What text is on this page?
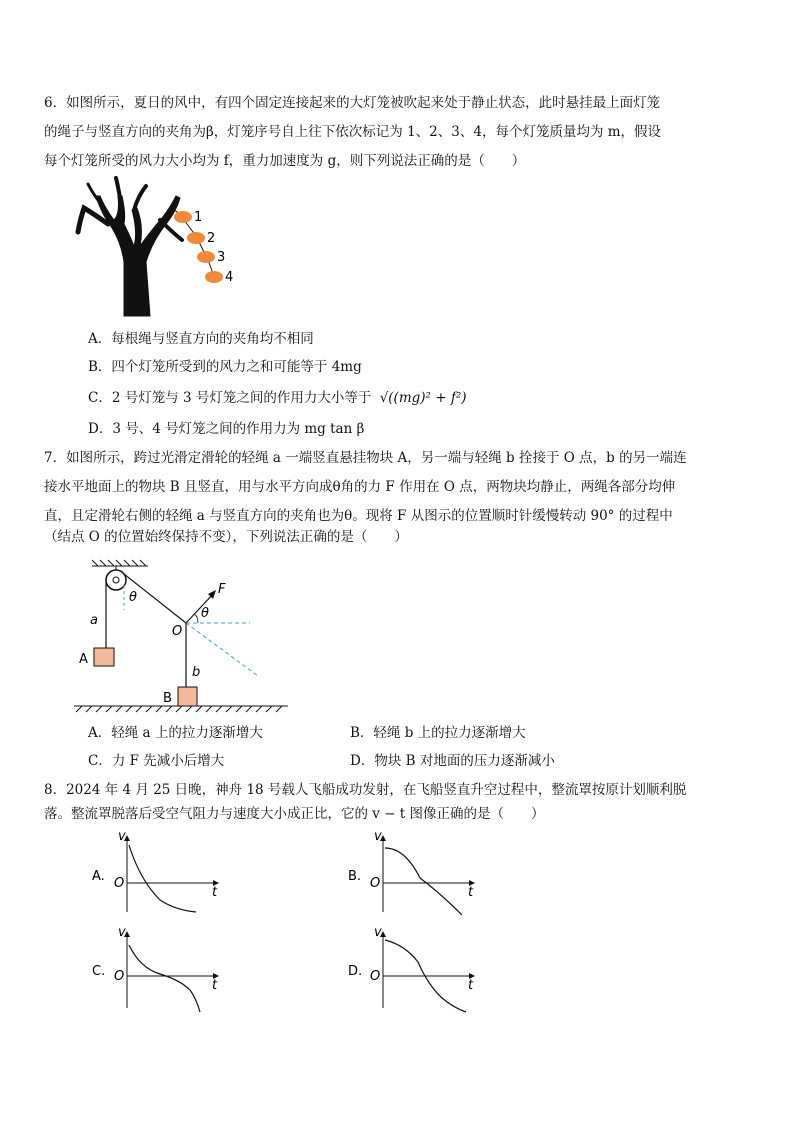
6．如图所示，夏日的风中，有四个固定连接起来的大灯笼被吹起来处于静止状态，此时悬挂最上面灯笼
的绳子与竖直方向的夹角为β，灯笼序号自上往下依次标记为 1、2、3、4，每个灯笼质量均为 m，假设
每个灯笼所受的风力大小均为 f，重力加速度为 g，则下列说法正确的是（　　）
1
2
3
4
A．每根绳与竖直方向的夹角均不相同
B．四个灯笼所受到的风力之和可能等于 4mg
C．2 号灯笼与 3 号灯笼之间的作用力大小等于 √((mg)² + f²)
D．3 号、4 号灯笼之间的作用力为 mg tan β
7．如图所示，跨过光滑定滑轮的轻绳 a 一端竖直悬挂物块 A，另一端与轻绳 b 拴接于 O 点，b 的另一端连
接水平地面上的物块 B 且竖直，用与水平方向成θ角的力 F 作用在 O 点，两物块均静止，两绳各部分均伸
直，且定滑轮右侧的轻绳 a 与竖直方向的夹角也为θ。现将 F 从图示的位置顺时针缓慢转动 90° 的过程中
（结点 O 的位置始终保持不变），下列说法正确的是（　　）
θ
a
A
F
θ
O
b
B
A．轻绳 a 上的拉力逐渐增大	B．轻绳 b 上的拉力逐渐增大
C．力 F 先减小后增大	D．物块 B 对地面的压力逐渐减小
8．2024 年 4 月 25 日晚，神舟 18 号载人飞船成功发射，在飞船竖直升空过程中，整流罩按原计划顺利脱
落。整流罩脱落后受空气阻力与速度大小成正比，它的 v − t 图像正确的是（　　）
A.
v
t
O	B.
v
t
O
C.
v
t
O	D.
v
t
O
